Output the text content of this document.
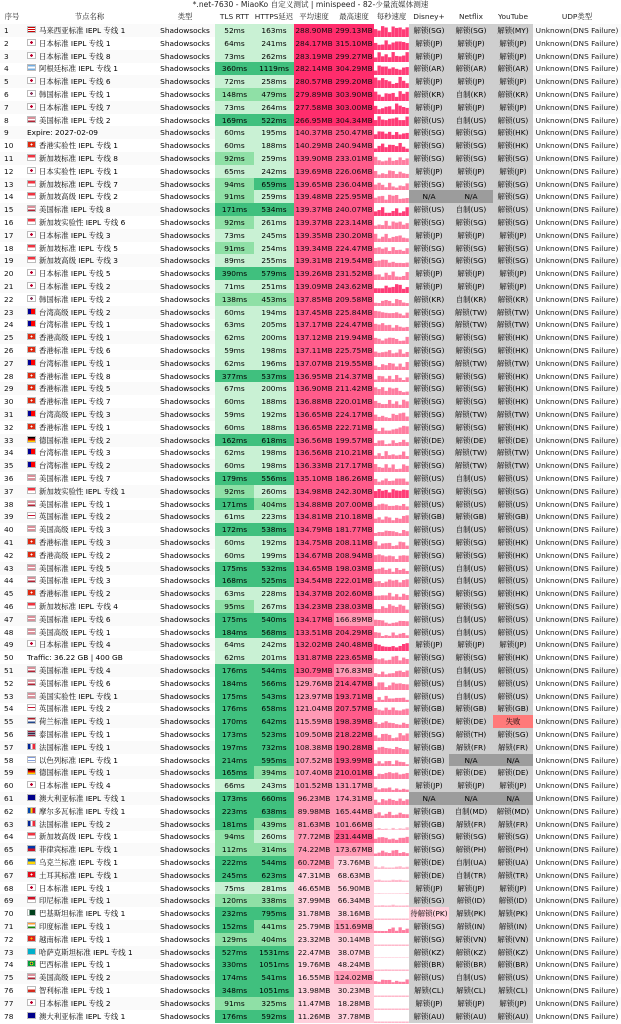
*.net-7630 - MiaoKo 自定义测试 | minispeed - 82-少量流媒体测速
序号	节点名称	类型	TLS RTT HTTPS延迟 平均速度	最高速度	每秒速度 Disney+	Netflix	YouTube	UDP类型
1	马来西亚标准 IEPL 专线 1	Shadowsocks	52ms	163ms	288.90MB 299.13MB	解锁(SG)	解锁(SG)	解锁(MY) Unknown(DNS Failure)
2	日本标准 IEPL 专线 1	Shadowsocks	64ms	241ms	284.17MB 315.10MB	解锁(JP)	解锁(JP)	解锁(JP)	Unknown(DNS Failure)
3	日本标准 IEPL 专线 8	Shadowsocks	73ms	262ms	283.19MB 299.27MB	解锁(JP)	解锁(JP)	解锁(JP)	Unknown(DNS Failure)
4	阿根廷标准 IEPL 专线 1	Shadowsocks	360ms	1119ms 282.14MB 304.29MB	解锁(AR)	解锁(AR)	解锁(AR) Unknown(DNS Failure)
5	日本标准 IEPL 专线 6	Shadowsocks	72ms	258ms	280.57MB 299.20MB	解锁(JP)	解锁(JP)	解锁(JP)	Unknown(DNS Failure)
6	韩国标准 IEPL 专线 1	Shadowsocks	148ms	479ms	279.89MB 303.90MB	解锁(KR)	自制(KR)	解锁(KR)	Unknown(DNS Failure)
7	日本标准 IEPL 专线 7	Shadowsocks	73ms	264ms	277.58MB 303.00MB	解锁(JP)	解锁(JP)	解锁(JP)	Unknown(DNS Failure)
8	美国标准 IEPL 专线 2	Shadowsocks	169ms	522ms	266.95MB 304.34MB	解锁(US)	自制(US)	解锁(US) Unknown(DNS Failure)
9	Expire: 2027-02-09	Shadowsocks	60ms	195ms	140.37MB 250.47MB	解锁(SG)	解锁(SG)	解锁(HK) Unknown(DNS Failure)
10	香港实验性 IEPL 专线 1	Shadowsocks	60ms	188ms	140.29MB 240.94MB	解锁(SG)	解锁(SG)	解锁(HK) Unknown(DNS Failure)
11	新加坡标准 IEPL 专线 8	Shadowsocks	92ms	259ms	139.90MB 233.01MB	解锁(SG)	解锁(SG)	解锁(SG) Unknown(DNS Failure)
12	日本实验性 IEPL 专线 1	Shadowsocks	65ms	242ms	139.69MB 226.06MB	解锁(JP)	解锁(JP)	解锁(JP)	Unknown(DNS Failure)
13	新加坡标准 IEPL 专线 7	Shadowsocks	94ms	659ms	139.65MB 236.04MB	解锁(SG)	解锁(SG)	解锁(SG) Unknown(DNS Failure)
14	新加坡高级 IEPL 专线 2	Shadowsocks	91ms	259ms	139.48MB 225.95MB	N/A	N/A	解锁(SG) Unknown(DNS Failure)
15	美国标准 IEPL 专线 8	Shadowsocks	171ms	534ms	139.37MB 240.07MB	解锁(US)	自制(US)	解锁(US) Unknown(DNS Failure)
16	新加坡实验性 IEPL 专线 6	Shadowsocks	92ms	261ms	139.37MB 223.14MB	解锁(SG)	解锁(SG)	解锁(SG) Unknown(DNS Failure)
17	日本标准 IEPL 专线 3	Shadowsocks	73ms	245ms	139.35MB 230.20MB	解锁(JP)	解锁(JP)	解锁(JP)	Unknown(DNS Failure)
18	新加坡标准 IEPL 专线 5	Shadowsocks	91ms	254ms	139.34MB 224.47MB	解锁(SG)	解锁(SG)	解锁(SG) Unknown(DNS Failure)
19	新加坡高级 IEPL 专线 3	Shadowsocks	89ms	255ms	139.31MB 219.54MB	解锁(SG)	解锁(SG)	解锁(SG) Unknown(DNS Failure)
20	日本标准 IEPL 专线 5	Shadowsocks	390ms	579ms	139.26MB 231.52MB	解锁(JP)	解锁(JP)	解锁(JP)	Unknown(DNS Failure)
21	日本标准 IEPL 专线 2	Shadowsocks	71ms	251ms	139.09MB 243.62MB	解锁(JP)	解锁(JP)	解锁(JP)	Unknown(DNS Failure)
22	韩国标准 IEPL 专线 2	Shadowsocks	138ms	453ms	137.85MB 209.58MB	解锁(KR)	自制(KR)	解锁(KR)	Unknown(DNS Failure)
23	台湾高级 IEPL 专线 2	Shadowsocks	60ms	194ms	137.45MB 225.84MB	解锁(SG)	解锁(TW)	解锁(TW) Unknown(DNS Failure)
24	台湾标准 IEPL 专线 1	Shadowsocks	63ms	205ms	137.17MB 224.47MB	解锁(SG)	解锁(TW)	解锁(TW) Unknown(DNS Failure)
25	香港高级 IEPL 专线 1	Shadowsocks	62ms	200ms	137.12MB 219.94MB	解锁(SG)	解锁(SG)	解锁(HK) Unknown(DNS Failure)
26	香港标准 IEPL 专线 6	Shadowsocks	59ms	198ms	137.11MB 225.75MB	解锁(SG)	解锁(SG)	解锁(HK) Unknown(DNS Failure)
27	台湾标准 IEPL 专线 1	Shadowsocks	62ms	196ms	137.07MB 219.55MB	解锁(SG)	解锁(TW)	解锁(TW) Unknown(DNS Failure)
28	香港标准 IEPL 专线 8	Shadowsocks	377ms	537ms	136.95MB 214.37MB	解锁(SG)	解锁(SG)	解锁(HK) Unknown(DNS Failure)
29	香港标准 IEPL 专线 5	Shadowsocks	67ms	200ms	136.90MB 211.42MB	解锁(SG)	解锁(SG)	解锁(HK) Unknown(DNS Failure)
30	香港标准 IEPL 专线 7	Shadowsocks	60ms	188ms	136.88MB 220.01MB	解锁(SG)	解锁(SG)	解锁(HK) Unknown(DNS Failure)
31	台湾高级 IEPL 专线 3	Shadowsocks	59ms	192ms	136.65MB 224.17MB	解锁(SG)	解锁(TW)	解锁(TW) Unknown(DNS Failure)
32	香港标准 IEPL 专线 1	Shadowsocks	60ms	188ms	136.65MB 222.71MB	解锁(SG)	解锁(SG)	解锁(HK) Unknown(DNS Failure)
33	德国标准 IEPL 专线 2	Shadowsocks	162ms	618ms	136.56MB 199.57MB	解锁(DE)	解锁(DE)	解锁(DE) Unknown(DNS Failure)
34	台湾标准 IEPL 专线 3	Shadowsocks	62ms	198ms	136.56MB 210.21MB	解锁(SG)	解锁(TW)	解锁(TW) Unknown(DNS Failure)
35	台湾标准 IEPL 专线 2	Shadowsocks	60ms	198ms	136.33MB 217.17MB	解锁(SG)	解锁(TW)	解锁(TW) Unknown(DNS Failure)
36	美国标准 IEPL 专线 7	Shadowsocks	179ms	556ms	135.10MB 186.26MB	解锁(US)	自制(US)	解锁(US) Unknown(DNS Failure)
37	新加坡实验性 IEPL 专线 1	Shadowsocks	92ms	260ms	134.98MB 242.30MB	解锁(SG)	解锁(SG)	解锁(SG) Unknown(DNS Failure)
38	美国标准 IEPL 专线 1	Shadowsocks	171ms	404ms	134.88MB 207.00MB	解锁(US)	解锁(US)	解锁(US) Unknown(DNS Failure)
39	英国标准 IEPL 专线 2	Shadowsocks	61ms	223ms	134.81MB 210.18MB	解锁(GB)	解锁(GB)	解锁(GB) Unknown(DNS Failure)
40	美国高级 IEPL 专线 3	Shadowsocks	172ms	538ms	134.79MB 181.77MB	解锁(US)	自制(US)	解锁(US) Unknown(DNS Failure)
41	香港标准 IEPL 专线 3	Shadowsocks	60ms	192ms	134.75MB 208.11MB	解锁(SG)	解锁(SG)	解锁(HK) Unknown(DNS Failure)
42	香港高级 IEPL 专线 2	Shadowsocks	60ms	199ms	134.67MB 208.94MB	解锁(SG)	解锁(SG)	解锁(HK) Unknown(DNS Failure)
43	美国标准 IEPL 专线 5	Shadowsocks	175ms	532ms	134.65MB 198.03MB	解锁(US)	自制(US)	解锁(US) Unknown(DNS Failure)
44	美国标准 IEPL 专线 3	Shadowsocks	168ms	525ms	134.54MB 222.01MB	解锁(US)	自制(US)	解锁(US) Unknown(DNS Failure)
45	香港标准 IEPL 专线 2	Shadowsocks	63ms	228ms	134.37MB 202.60MB	解锁(SG)	解锁(SG)	解锁(HK) Unknown(DNS Failure)
46	新加坡标准 IEPL 专线 4	Shadowsocks	95ms	267ms	134.23MB 238.03MB	解锁(SG)	解锁(SG)	解锁(SG) Unknown(DNS Failure)
47	美国标准 IEPL 专线 6	Shadowsocks	175ms	540ms	134.17MB 166.89MB	解锁(US)	自制(US)	解锁(US) Unknown(DNS Failure)
48	美国高级 IEPL 专线 1	Shadowsocks	184ms	568ms	133.51MB 204.29MB	解锁(US)	自制(US)	解锁(US) Unknown(DNS Failure)
49	日本标准 IEPL 专线 4	Shadowsocks	64ms	242ms	132.02MB 240.48MB	解锁(JP)	解锁(JP)	解锁(JP)	Unknown(DNS Failure)
50	Traffic: 36.22 GB | 400 GB	Shadowsocks	62ms	201ms	131.87MB 223.65MB	解锁(SG)	解锁(SG)	解锁(HK) Unknown(DNS Failure)
51	美国标准 IEPL 专线 4	Shadowsocks	176ms	544ms	130.79MB 176.83MB	解锁(US)	自制(US)	解锁(US) Unknown(DNS Failure)
52	美国标准 IEPL 专线 6	Shadowsocks	184ms	566ms	129.76MB 214.47MB	解锁(US)	自制(US)	解锁(US) Unknown(DNS Failure)
53	美国实验性 IEPL 专线 1	Shadowsocks	175ms	543ms	123.97MB 193.71MB	解锁(US)	自制(US)	解锁(US) Unknown(DNS Failure)
54	英国标准 IEPL 专线 2	Shadowsocks	176ms	658ms	121.04MB 207.57MB	解锁(GB)	解锁(GB)	解锁(GB) Unknown(DNS Failure)
55	荷兰标准 IEPL 专线 1	Shadowsocks	170ms	642ms	115.59MB 198.39MB	解锁(DE)	解锁(DE)	失败	Unknown(DNS Failure)
56	泰国标准 IEPL 专线 1	Shadowsocks	173ms	523ms	109.50MB 218.22MB	解锁(SG)	解锁(TH)	解锁(SG) Unknown(DNS Failure)
57	法国标准 IEPL 专线 1	Shadowsocks	197ms	732ms	108.38MB 190.28MB	解锁(GB)	解锁(FR)	解锁(FR)	Unknown(DNS Failure)
58	以色列标准 IEPL 专线 1	Shadowsocks	214ms	595ms	107.52MB 193.99MB	解锁(GB)	N/A	N/A	Unknown(DNS Failure)
59	德国标准 IEPL 专线 1	Shadowsocks	165ms	394ms	107.40MB 210.01MB	解锁(DE)	解锁(DE)	解锁(DE) Unknown(DNS Failure)
60	日本标准 IEPL 专线 4	Shadowsocks	66ms	243ms	101.52MB 131.17MB	解锁(JP)	解锁(JP)	解锁(JP)	Unknown(DNS Failure)
61	澳大利亚标准 IEPL 专线 1	Shadowsocks	173ms	660ms	96.23MB 174.31MB	N/A	N/A	N/A	Unknown(DNS Failure)
62	摩尔多瓦标准 IEPL 专线 1	Shadowsocks	223ms	638ms	89.98MB 165.44MB	解锁(GB)	自制(MD)	解锁(MD) Unknown(DNS Failure)
63	法国标准 IEPL 专线 2	Shadowsocks	181ms	439ms	81.63MB 101.66MB	解锁(GB)	解锁(FR)	解锁(FR)	Unknown(DNS Failure)
64	新加坡高级 IEPL 专线 1	Shadowsocks	94ms	260ms	77.72MB 231.44MB	解锁(SG)	解锁(SG)	解锁(SG) Unknown(DNS Failure)
65	菲律宾标准 IEPL 专线 1	Shadowsocks	112ms	314ms	74.22MB 173.67MB	解锁(SG)	解锁(PH)	解锁(PH) Unknown(DNS Failure)
66	乌克兰标准 IEPL 专线 1	Shadowsocks	222ms	544ms	60.72MB 73.76MB	解锁(DE)	自制(UA)	解锁(UA) Unknown(DNS Failure)
67	土耳其标准 IEPL 专线 1	Shadowsocks	245ms	623ms	47.31MB 68.63MB	解锁(DE)	自制(TR)	解锁(TR)	Unknown(DNS Failure)
68	日本标准 IEPL 专线 1	Shadowsocks	75ms	281ms	46.65MB 56.90MB	解锁(JP)	解锁(JP)	解锁(JP)	Unknown(DNS Failure)
69	印尼标准 IEPL 专线 1	Shadowsocks	120ms	338ms	37.99MB 66.34MB	解锁(SG)	解锁(ID)	解锁(ID)	Unknown(DNS Failure)
70	巴基斯坦标准 IEPL 专线 1	Shadowsocks	232ms	795ms	31.78MB 38.16MB	待解锁(PK)	解锁(PK)	解锁(PK)	Unknown(DNS Failure)
71	印度标准 IEPL 专线 1	Shadowsocks	152ms	441ms	25.79MB 151.69MB	解锁(SG)	解锁(IN)	解锁(IN)	Unknown(DNS Failure)
72	越南标准 IEPL 专线 1	Shadowsocks	129ms	404ms	23.32MB 30.14MB	解锁(SG)	解锁(VN)	解锁(VN) Unknown(DNS Failure)
73	哈萨克斯坦标准 IEPL 专线 1	Shadowsocks	527ms	1531ms	22.47MB 38.07MB	解锁(KZ)	解锁(KZ)	解锁(KZ)	Unknown(DNS Failure)
74	巴西标准 IEPL 专线 1	Shadowsocks	330ms	1051ms	19.76MB 48.24MB	解锁(BR)	解锁(BR)	解锁(BR) Unknown(DNS Failure)
75	美国高级 IEPL 专线 2	Shadowsocks	174ms	541ms	16.55MB 124.02MB	解锁(US)	自制(US)	解锁(US) Unknown(DNS Failure)
76	智利标准 IEPL 专线 1	Shadowsocks	348ms	1051ms	13.98MB 30.23MB	解锁(CL)	解锁(CL)	解锁(CL)	Unknown(DNS Failure)
77	日本标准 IEPL 专线 2	Shadowsocks	91ms	325ms	11.47MB 18.28MB	解锁(JP)	解锁(JP)	解锁(JP)	Unknown(DNS Failure)
78	澳大利亚标准 IEPL 专线 1	Shadowsocks	176ms	592ms	11.26MB 37.78MB	解锁(AU)	解锁(AU)	解锁(AU) Unknown(DNS Failure)
